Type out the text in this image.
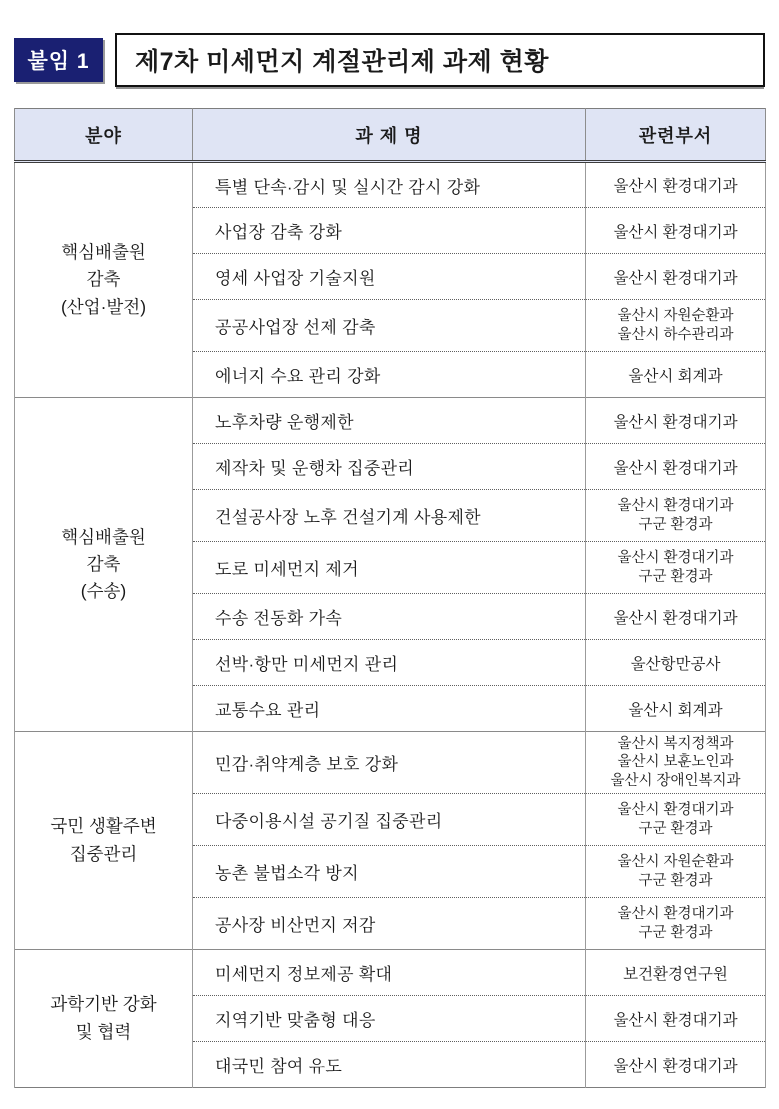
붙임 1	제7차 미세먼지 계절관리제 과제 현황
분야	과 제 명	관련부서
핵심배출원
감축
(산업·발전)	특별 단속·감시 및 실시간 감시 강화	울산시 환경대기과
	사업장 감축 강화	울산시 환경대기과
	영세 사업장 기술지원	울산시 환경대기과
	공공사업장 선제 감축	울산시 자원순환과
울산시 하수관리과
	에너지 수요 관리 강화	울산시 회계과
핵심배출원
감축
(수송)	노후차량 운행제한	울산시 환경대기과
	제작차 및 운행차 집중관리	울산시 환경대기과
	건설공사장 노후 건설기계 사용제한	울산시 환경대기과
구군 환경과
	도로 미세먼지 제거	울산시 환경대기과
구군 환경과
	수송 전동화 가속	울산시 환경대기과
	선박·항만 미세먼지 관리	울산항만공사
	교통수요 관리	울산시 회계과
국민 생활주변
집중관리	민감·취약계층 보호 강화	울산시 복지정책과
울산시 보훈노인과
울산시 장애인복지과
	다중이용시설 공기질 집중관리	울산시 환경대기과
구군 환경과
	농촌 불법소각 방지	울산시 자원순환과
구군 환경과
	공사장 비산먼지 저감	울산시 환경대기과
구군 환경과
과학기반 강화
및 협력	미세먼지 정보제공 확대	보건환경연구원
	지역기반 맞춤형 대응	울산시 환경대기과
	대국민 참여 유도	울산시 환경대기과
